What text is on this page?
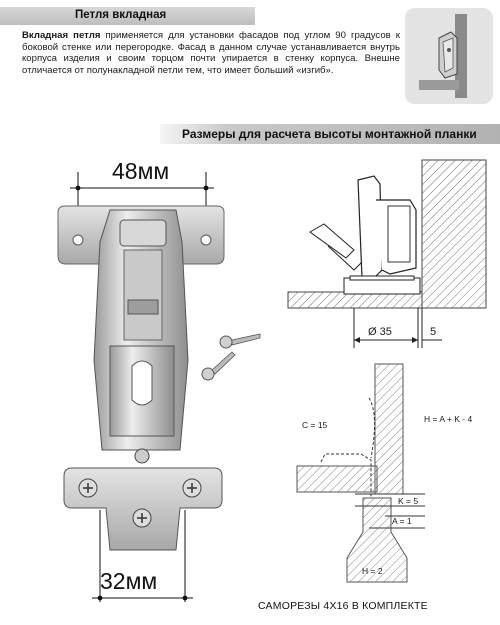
Петля вкладная
Вкладная петля применяется для установки фасадов под углом 90 градусов к боковой стенке или перегородке. Фасад в данном случае устанавливается внутрь корпуса изделия и своим торцом почти упирается в стенку корпуса. Внешне отличается от полунакладной петли тем, что имеет больший «изгиб».
Размеры для расчета высоты монтажной планки
48мм
32мм
Ø 35	5
C = 15
H = A + K - 4
K = 5
A = 1
H = 2
САМОРЕЗЫ 4Х16 В КОМПЛЕКТЕ
